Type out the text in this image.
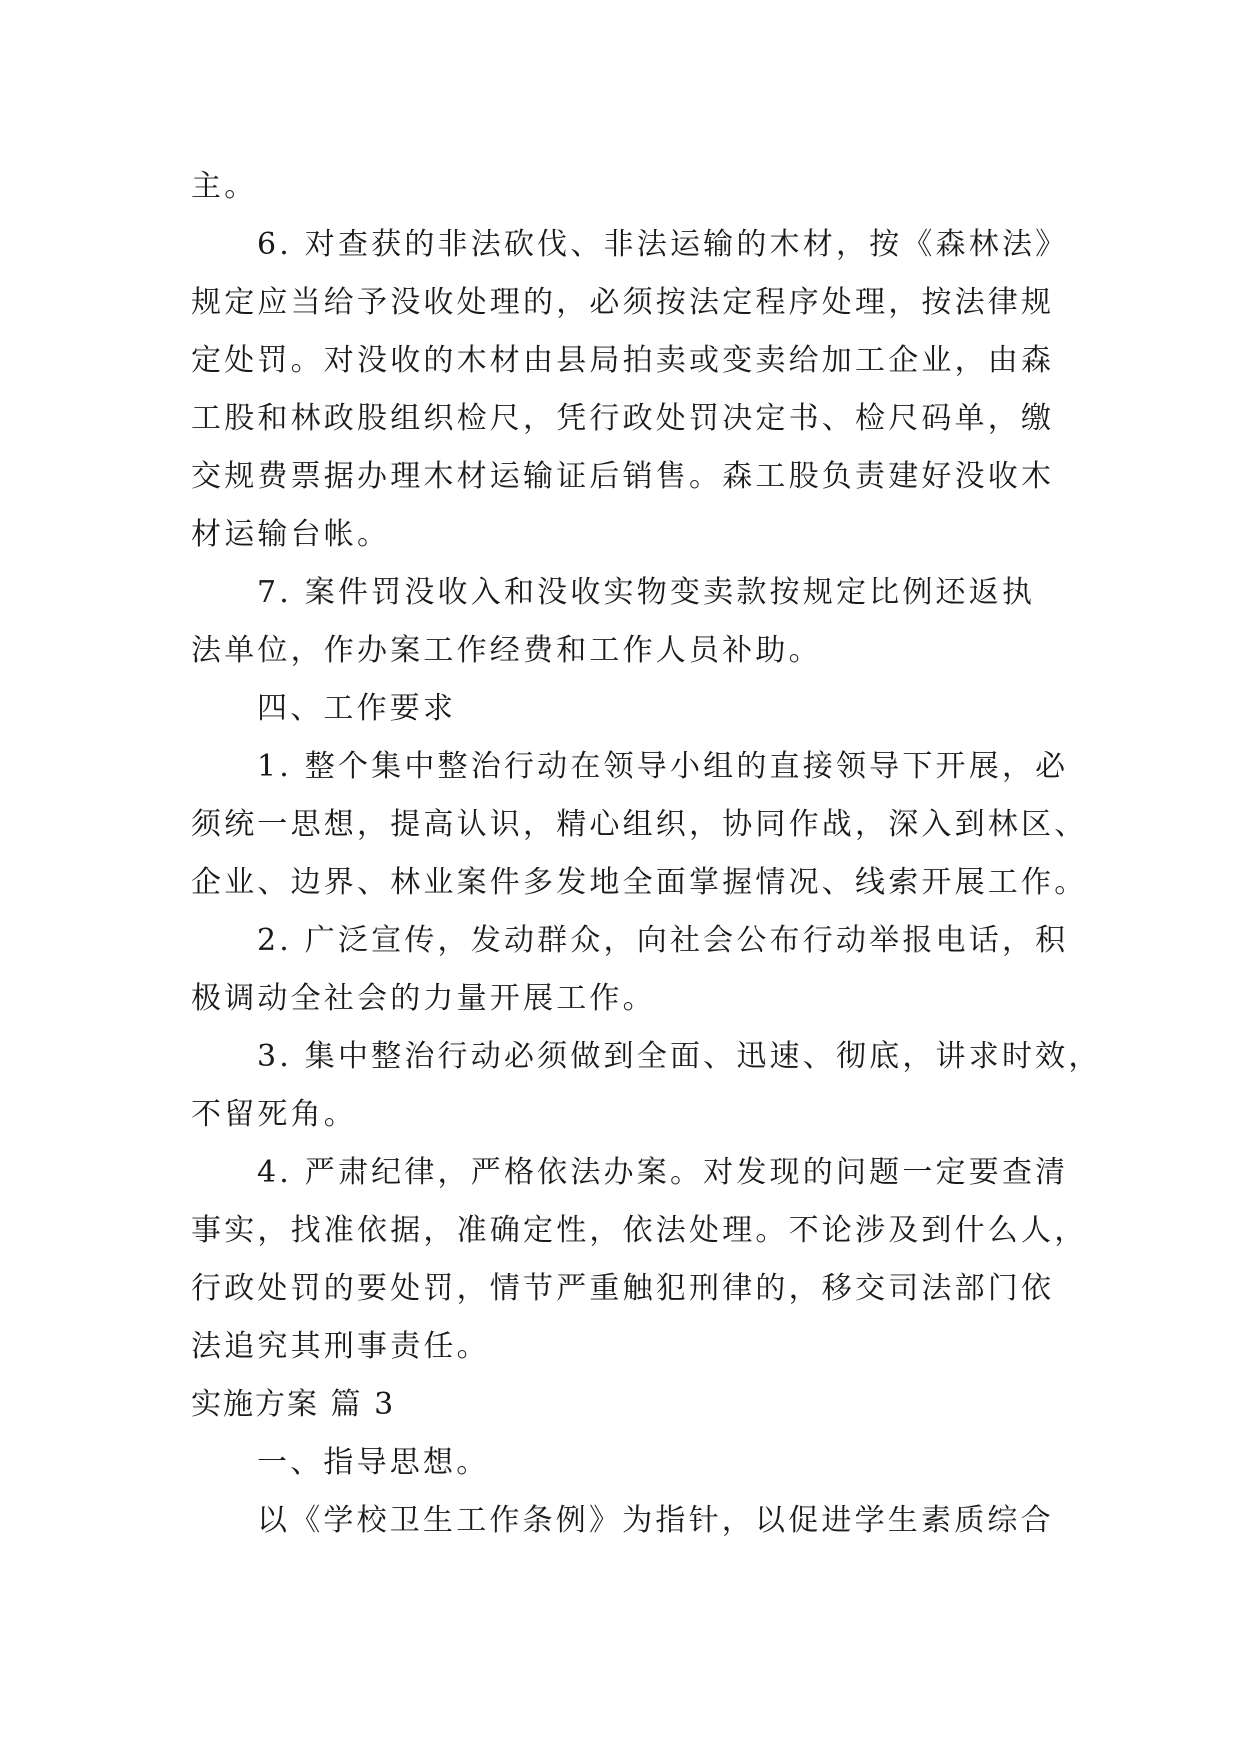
主。
6. 对查获的非法砍伐、非法运输的木材，按《森林法》
规定应当给予没收处理的，必须按法定程序处理，按法律规
定处罚。对没收的木材由县局拍卖或变卖给加工企业，由森
工股和林政股组织检尺，凭行政处罚决定书、检尺码单，缴
交规费票据办理木材运输证后销售。森工股负责建好没收木
材运输台帐。
7. 案件罚没收入和没收实物变卖款按规定比例还返执
法单位，作办案工作经费和工作人员补助。
四、工作要求
1. 整个集中整治行动在领导小组的直接领导下开展，必
须统一思想，提高认识，精心组织，协同作战，深入到林区、
企业、边界、林业案件多发地全面掌握情况、线索开展工作。
2. 广泛宣传，发动群众，向社会公布行动举报电话，积
极调动全社会的力量开展工作。
3. 集中整治行动必须做到全面、迅速、彻底，讲求时效，
不留死角。
4. 严肃纪律，严格依法办案。对发现的问题一定要查清
事实，找准依据，准确定性，依法处理。不论涉及到什么人，
行政处罚的要处罚，情节严重触犯刑律的，移交司法部门依
法追究其刑事责任。
实施方案 篇 3
一、指导思想。
以《学校卫生工作条例》为指针，以促进学生素质综合
